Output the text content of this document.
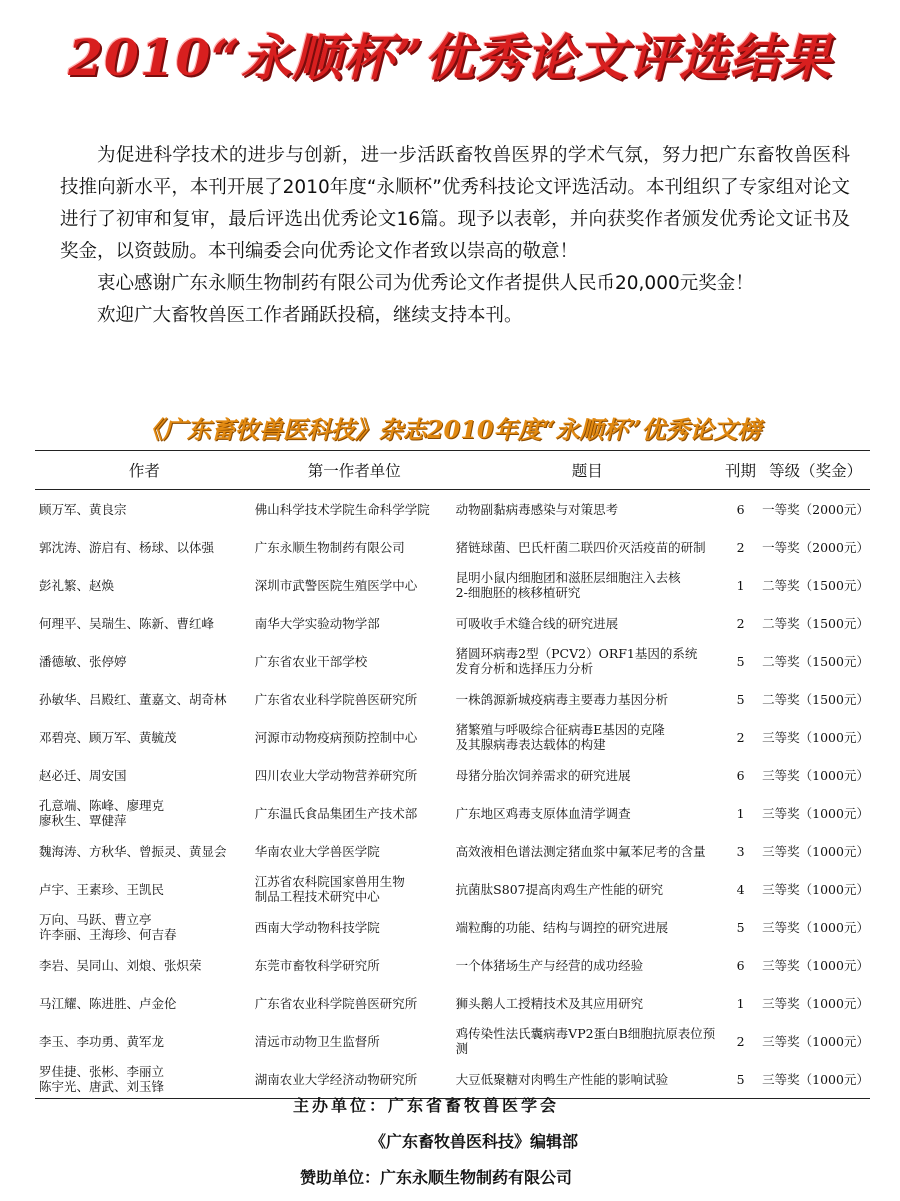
2010“永顺杯”优秀论文评选结果

为促进科学技术的进步与创新，进一步活跃畜牧兽医界的学术气氛，努力把广东畜牧兽医科技推向新水平，本刊开展了2010年度“永顺杯”优秀科技论文评选活动。本刊组织了专家组对论文进行了初审和复审，最后评选出优秀论文16篇。现予以表彰，并向获奖作者颁发优秀论文证书及奖金，以资鼓励。本刊编委会向优秀论文作者致以崇高的敬意！

衷心感谢广东永顺生物制药有限公司为优秀论文作者提供人民币20,000元奖金！

欢迎广大畜牧兽医工作者踊跃投稿，继续支持本刊。

《广东畜牧兽医科技》杂志2010年度“永顺杯”优秀论文榜
作者	第一作者单位	题目	刊期	等级（奖金）
顾万军、黄良宗	佛山科学技术学院生命科学学院	动物副黏病毒感染与对策思考	6	一等奖（2000元）
郭沈涛、游启有、杨球、以体强	广东永顺生物制药有限公司	猪链球菌、巴氏杆菌二联四价灭活疫苗的研制	2	一等奖（2000元）
彭礼繁、赵焕	深圳市武警医院生殖医学中心	昆明小鼠内细胞团和滋胚层细胞注入去核
2-细胞胚的核移植研究	1	二等奖（1500元）
何理平、吴瑞生、陈新、曹红峰	南华大学实验动物学部	可吸收手术缝合线的研究进展	2	二等奖（1500元）
潘德敏、张停婷	广东省农业干部学校	猪圆环病毒2型（PCV2）ORF1基因的系统
发育分析和选择压力分析	5	二等奖（1500元）
孙敏华、吕殿红、董嘉文、胡奇林	广东省农业科学院兽医研究所	一株鸽源新城疫病毒主要毒力基因分析	5	二等奖（1500元）
邓碧亮、顾万军、黄毓茂	河源市动物疫病预防控制中心	猪繁殖与呼吸综合征病毒E基因的克隆
及其腺病毒表达载体的构建	2	三等奖（1000元）
赵必迁、周安国	四川农业大学动物营养研究所	母猪分胎次饲养需求的研究进展	6	三等奖（1000元）
孔意端、陈峰、廖理克
廖秋生、覃健萍	广东温氏食品集团生产技术部	广东地区鸡毒支原体血清学调查	1	三等奖（1000元）
魏海涛、方秋华、曾振灵、黄显会	华南农业大学兽医学院	高效液相色谱法测定猪血浆中氟苯尼考的含量	3	三等奖（1000元）
卢宇、王素珍、王凯民	江苏省农科院国家兽用生物
制品工程技术研究中心	抗菌肽S807提高肉鸡生产性能的研究	4	三等奖（1000元）
万向、马跃、曹立亭
许李丽、王海珍、何吉春	西南大学动物科技学院	端粒酶的功能、结构与调控的研究进展	5	三等奖（1000元）
李岩、吴同山、刘烺、张炽荣	东莞市畜牧科学研究所	一个体猪场生产与经营的成功经验	6	三等奖（1000元）
马江耀、陈进胜、卢金伦	广东省农业科学院兽医研究所	狮头鹅人工授精技术及其应用研究	1	三等奖（1000元）
李玉、李功勇、黄军龙	清远市动物卫生监督所	鸡传染性法氏囊病毒VP2蛋白B细胞抗原表位预测	2	三等奖（1000元）
罗佳捷、张彬、李丽立
陈宇光、唐武、刘玉锋	湖南农业大学经济动物研究所	大豆低聚糖对肉鸭生产性能的影响试验	5	三等奖（1000元）
主办单位：广东省畜牧兽医学会
《广东畜牧兽医科技》编辑部
赞助单位：广东永顺生物制药有限公司
